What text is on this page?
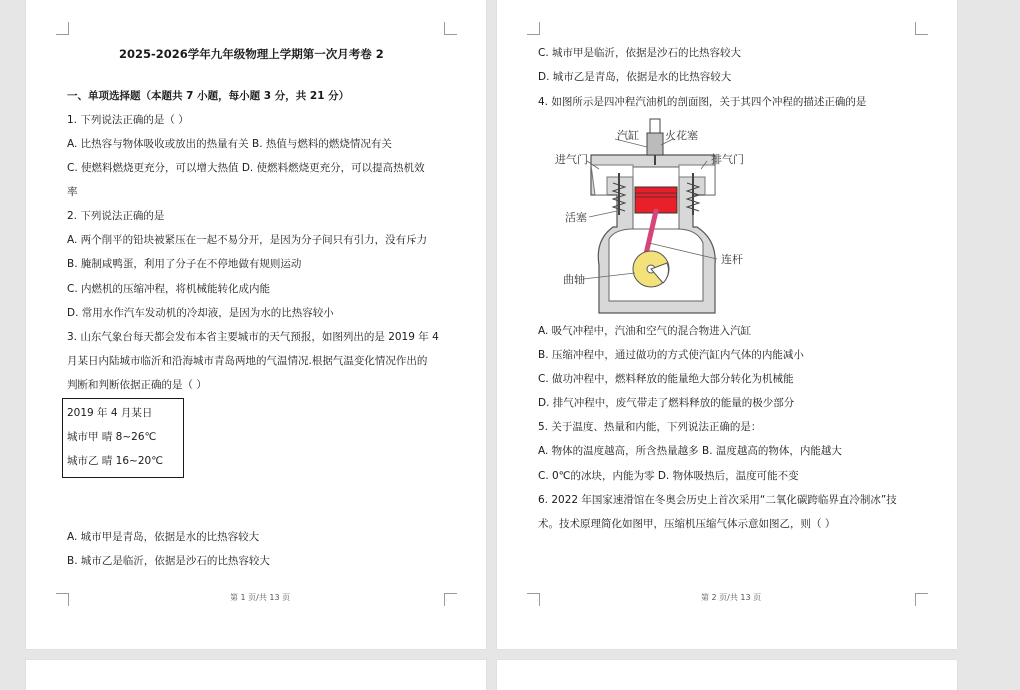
2025-2026学年九年级物理上学期第一次月考卷 2
一、单项选择题（本题共 7 小题，每小题 3 分，共 21 分）
1. 下列说法正确的是（ ）
A. 比热容与物体吸收或放出的热量有关 B. 热值与燃料的燃烧情况有关
C. 使燃料燃烧更充分，可以增大热值 D. 使燃料燃烧更充分，可以提高热机效
率
2. 下列说法正确的是
A. 两个削平的铅块被紧压在一起不易分开，是因为分子间只有引力，没有斥力
B. 腌制咸鸭蛋，利用了分子在不停地做有规则运动
C. 内燃机的压缩冲程，将机械能转化成内能
D. 常用水作汽车发动机的冷却液，是因为水的比热容较小
3. 山东气象台每天都会发布本省主要城市的天气预报，如图列出的是 2019 年 4
月某日内陆城市临沂和沿海城市青岛两地的气温情况.根据气温变化情况作出的
判断和判断依据正确的是（ ）
2019 年 4 月某日
城市甲 晴 8~26℃
城市乙 晴 16~20℃
A. 城市甲是青岛，依据是水的比热容较大
B. 城市乙是临沂，依据是沙石的比热容较大
第 1 页/共 13 页
C. 城市甲是临沂，依据是沙石的比热容较大
D. 城市乙是青岛，依据是水的比热容较大
4. 如图所示是四冲程汽油机的剖面图，关于其四个冲程的描述正确的是
汽缸 火花塞
进气门	排气门
活塞
连杆
曲轴
A. 吸气冲程中，汽油和空气的混合物进入汽缸
B. 压缩冲程中，通过做功的方式使汽缸内气体的内能减小
C. 做功冲程中，燃料释放的能量绝大部分转化为机械能
D. 排气冲程中，废气带走了燃料释放的能量的极少部分
5. 关于温度、热量和内能，下列说法正确的是：
A. 物体的温度越高，所含热量越多 B. 温度越高的物体，内能越大
C. 0℃的冰块，内能为零 D. 物体吸热后，温度可能不变
6. 2022 年国家速滑馆在冬奥会历史上首次采用“二氧化碳跨临界直冷制冰”技
术。技术原理简化如图甲，压缩机压缩气体示意如图乙，则（ ）
第 2 页/共 13 页
